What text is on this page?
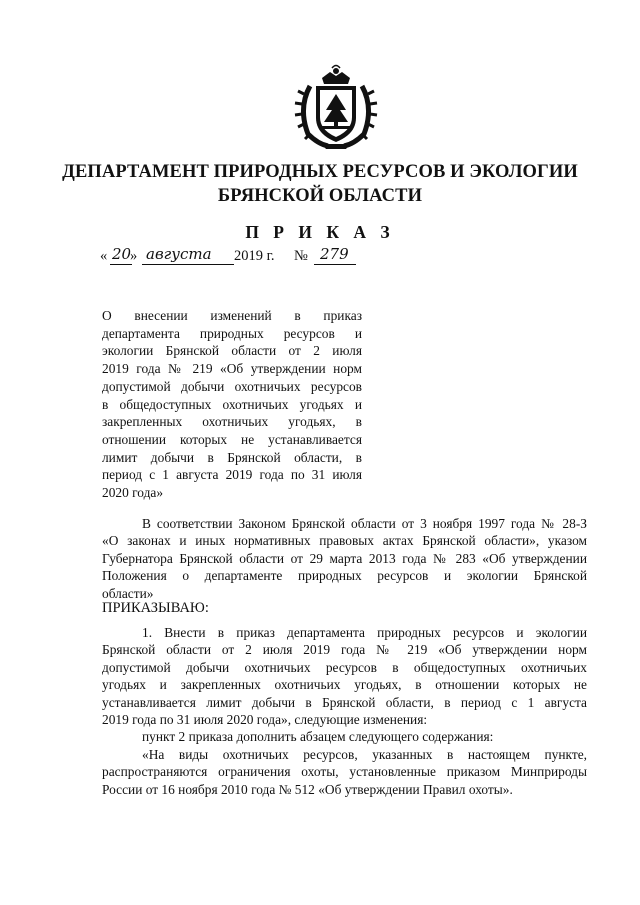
ДЕПАРТАМЕНТ ПРИРОДНЫХ РЕСУРСОВ И ЭКОЛОГИИ
БРЯНСКОЙ ОБЛАСТИ
П Р И К А З
« 20
» августа 2019 г. № 279
О внесении изменений в приказ
департамента природных ресурсов и
экологии Брянской области от 2 июля
2019 года № 219 «Об утверждении норм
допустимой добычи охотничьих ресурсов
в общедоступных охотничьих угодьях и
закрепленных охотничьих угодьях, в
отношении которых не устанавливается
лимит добычи в Брянской области, в
период с 1 августа 2019 года по 31 июля
2020 года»
В соответствии Законом Брянской области от 3 ноября 1997 года № 28-З
«О законах и иных нормативных правовых актах Брянской области», указом
Губернатора Брянской области от 29 марта 2013 года № 283 «Об утверждении
Положения о департаменте природных ресурсов и экологии Брянской
области»
ПРИКАЗЫВАЮ:
1. Внести в приказ департамента природных ресурсов и экологии
Брянской области от 2 июля 2019 года № 219 «Об утверждении норм
допустимой добычи охотничьих ресурсов в общедоступных охотничьих
угодьях и закрепленных охотничьих угодьях, в отношении которых не
устанавливается лимит добычи в Брянской области, в период с 1 августа
2019 года по 31 июля 2020 года», следующие изменения:
пункт 2 приказа дополнить абзацем следующего содержания:
«На виды охотничьих ресурсов, указанных в настоящем пункте,
распространяются ограничения охоты, установленные приказом Минприроды
России от 16 ноября 2010 года № 512 «Об утверждении Правил охоты».
